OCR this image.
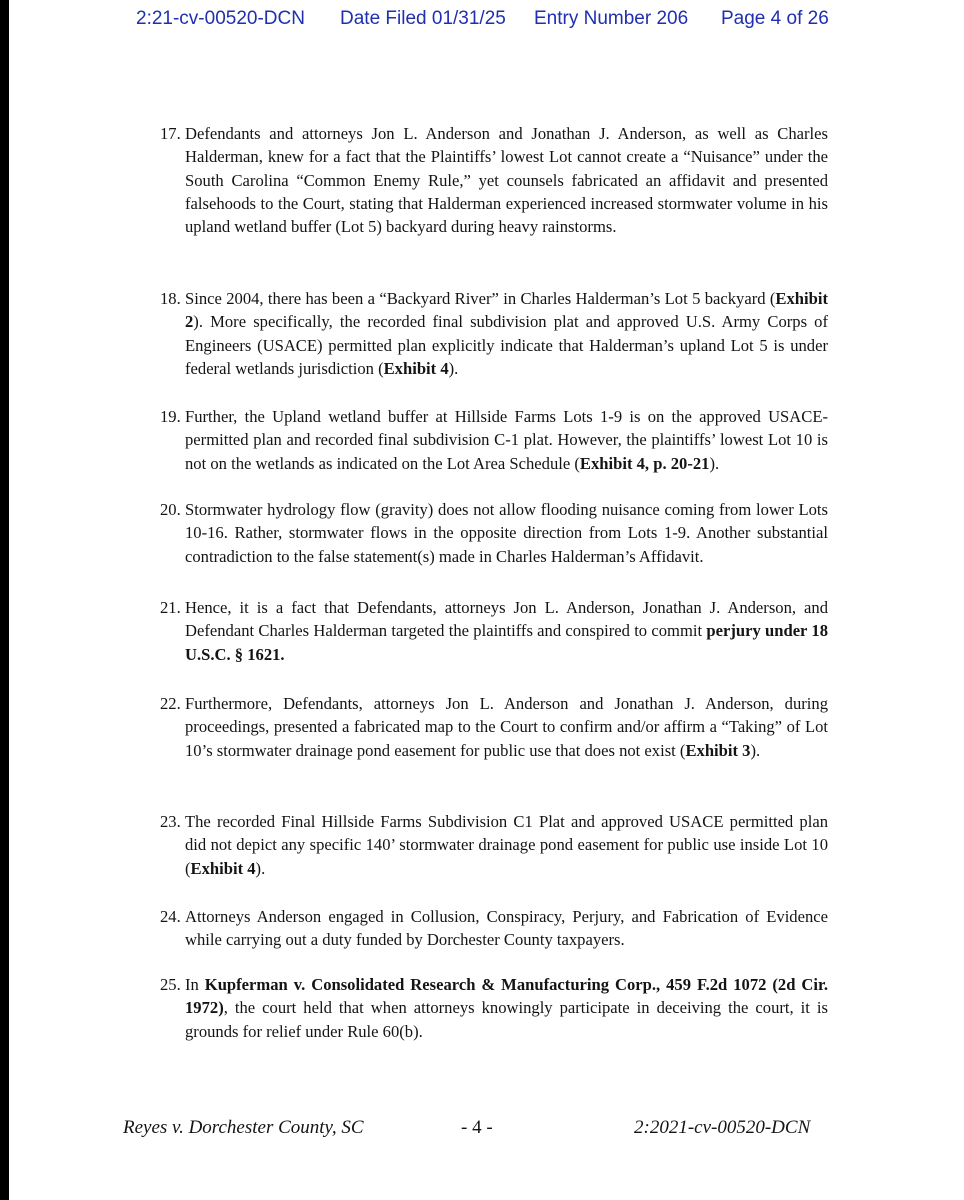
2:21-cv-00520-DCN Date Filed 01/31/25 Entry Number 206 Page 4 of 26
17. Defendants and attorneys Jon L. Anderson and Jonathan J. Anderson, as well as Charles Halderman, knew for a fact that the Plaintiffs’ lowest Lot cannot create a “Nuisance” under the South Carolina “Common Enemy Rule,” yet counsels fabricated an affidavit and presented falsehoods to the Court, stating that Halderman experienced increased stormwater volume in his upland wetland buffer (Lot 5) backyard during heavy rainstorms.
18. Since 2004, there has been a “Backyard River” in Charles Halderman’s Lot 5 backyard (Exhibit 2). More specifically, the recorded final subdivision plat and approved U.S. Army Corps of Engineers (USACE) permitted plan explicitly indicate that Halderman’s upland Lot 5 is under federal wetlands jurisdiction (Exhibit 4).
19. Further, the Upland wetland buffer at Hillside Farms Lots 1-9 is on the approved USACE-permitted plan and recorded final subdivision C-1 plat. However, the plaintiffs’ lowest Lot 10 is not on the wetlands as indicated on the Lot Area Schedule (Exhibit 4, p. 20-21).
20. Stormwater hydrology flow (gravity) does not allow flooding nuisance coming from lower Lots 10-16. Rather, stormwater flows in the opposite direction from Lots 1-9. Another substantial contradiction to the false statement(s) made in Charles Halderman’s Affidavit.
21. Hence, it is a fact that Defendants, attorneys Jon L. Anderson, Jonathan J. Anderson, and Defendant Charles Halderman targeted the plaintiffs and conspired to commit perjury under 18 U.S.C. § 1621.
22. Furthermore, Defendants, attorneys Jon L. Anderson and Jonathan J. Anderson, during proceedings, presented a fabricated map to the Court to confirm and/or affirm a “Taking” of Lot 10’s stormwater drainage pond easement for public use that does not exist (Exhibit 3).
23. The recorded Final Hillside Farms Subdivision C1 Plat and approved USACE permitted plan did not depict any specific 140’ stormwater drainage pond easement for public use inside Lot 10 (Exhibit 4).
24. Attorneys Anderson engaged in Collusion, Conspiracy, Perjury, and Fabrication of Evidence while carrying out a duty funded by Dorchester County taxpayers.
25. In Kupferman v. Consolidated Research & Manufacturing Corp., 459 F.2d 1072 (2d Cir. 1972), the court held that when attorneys knowingly participate in deceiving the court, it is grounds for relief under Rule 60(b).
Reyes v. Dorchester County, SC	- 4 -	2:2021-cv-00520-DCN
